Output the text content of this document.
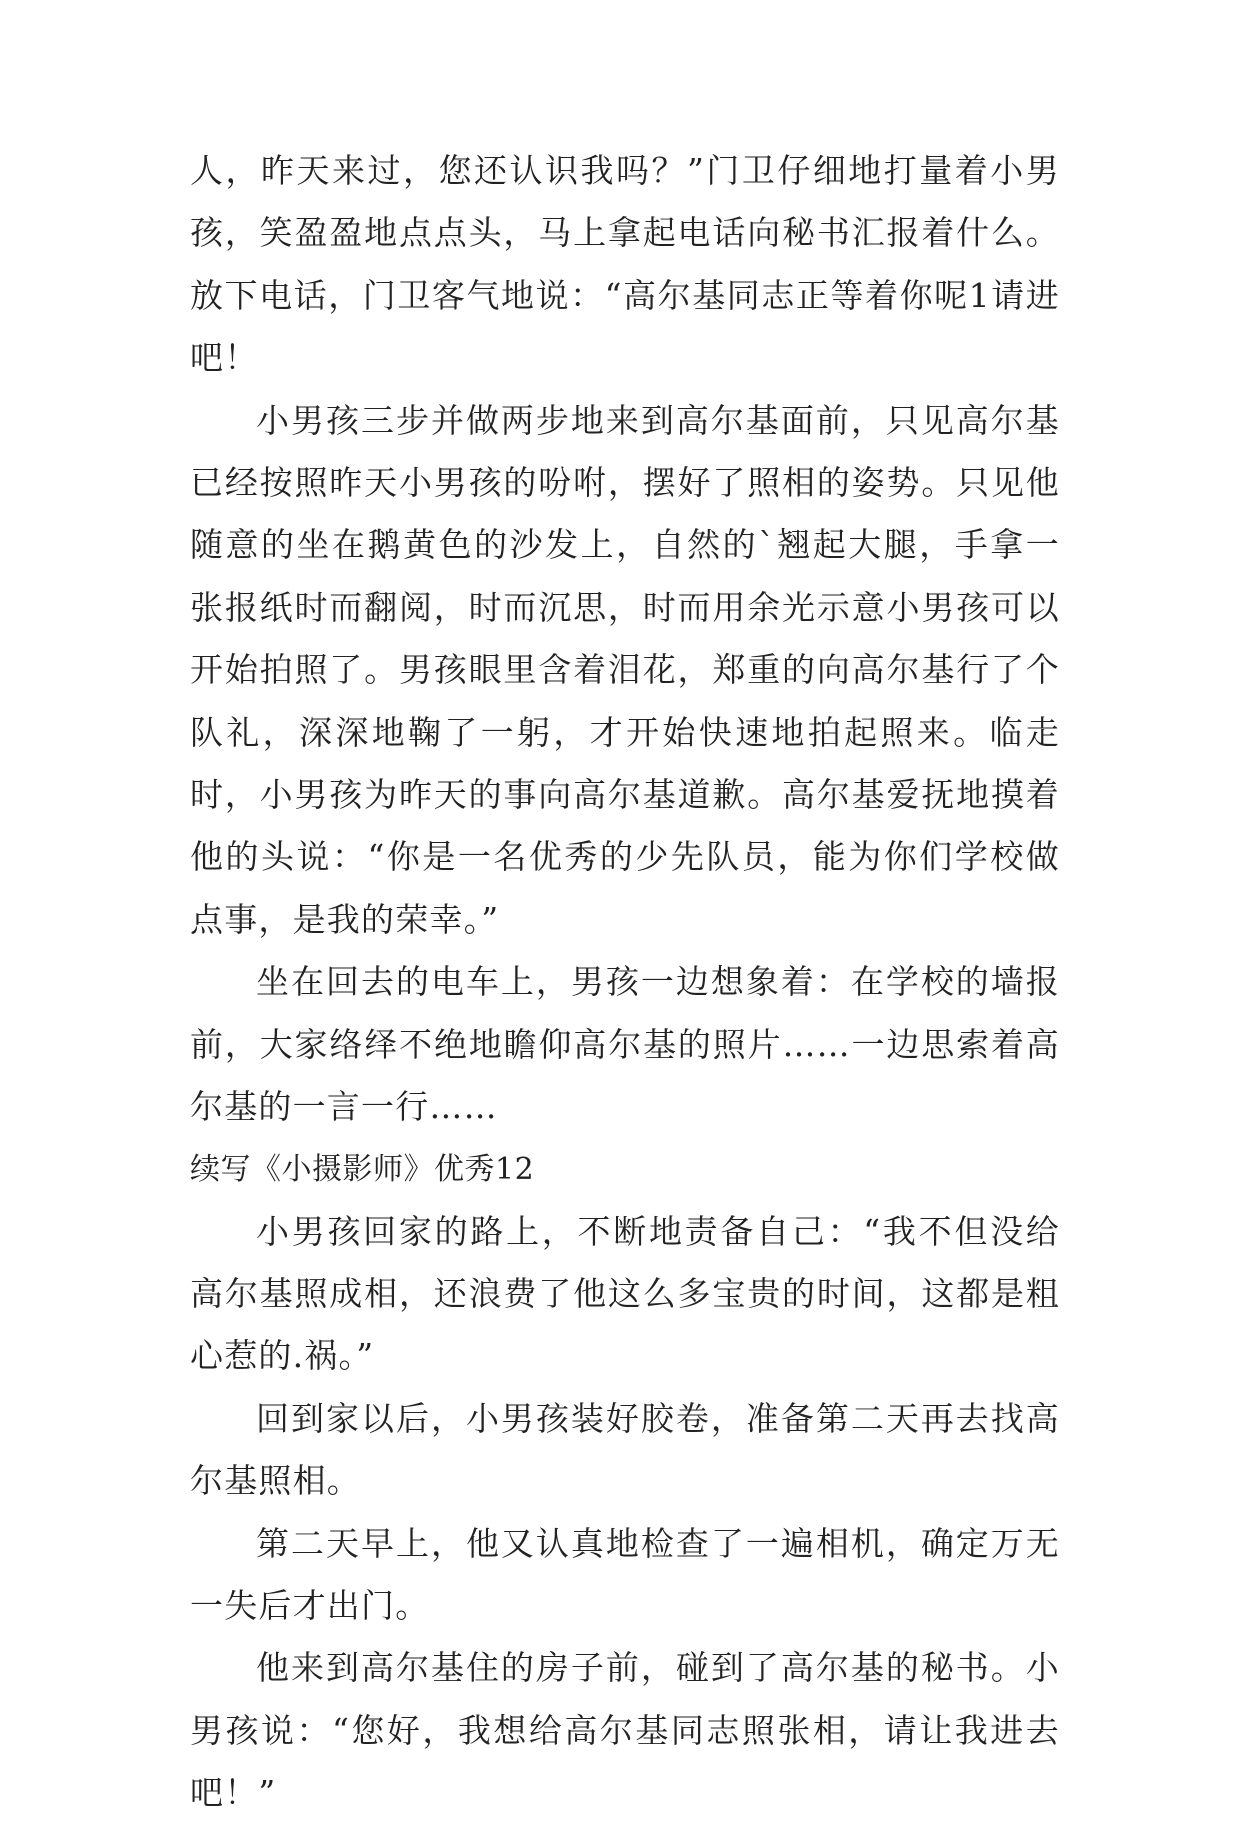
人，昨天来过，您还认识我吗？”门卫仔细地打量着小男孩，笑盈盈地点点头，马上拿起电话向秘书汇报着什么。放下电话，门卫客气地说：“高尔基同志正等着你呢1请进吧！

小男孩三步并做两步地来到高尔基面前，只见高尔基已经按照昨天小男孩的吩咐，摆好了照相的姿势。只见他随意的坐在鹅黄色的沙发上，自然的`翘起大腿，手拿一张报纸时而翻阅，时而沉思，时而用余光示意小男孩可以开始拍照了。男孩眼里含着泪花，郑重的向高尔基行了个队礼，深深地鞠了一躬，才开始快速地拍起照来。临走时，小男孩为昨天的事向高尔基道歉。高尔基爱抚地摸着他的头说：“你是一名优秀的少先队员，能为你们学校做点事，是我的荣幸。”

坐在回去的电车上，男孩一边想象着：在学校的墙报前，大家络绎不绝地瞻仰高尔基的照片……一边思索着高尔基的一言一行……

续写《小摄影师》优秀12

小男孩回家的路上，不断地责备自己：“我不但没给高尔基照成相，还浪费了他这么多宝贵的时间，这都是粗心惹的.祸。”

回到家以后，小男孩装好胶卷，准备第二天再去找高尔基照相。

第二天早上，他又认真地检查了一遍相机，确定万无一失后才出门。

他来到高尔基住的房子前，碰到了高尔基的秘书。小男孩说：“您好，我想给高尔基同志照张相，请让我进去吧！”
